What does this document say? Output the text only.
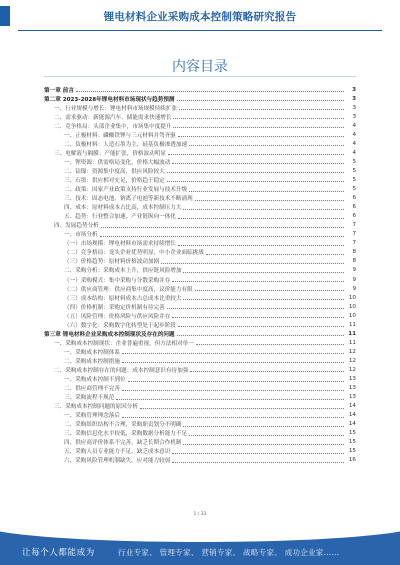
锂电材料企业采购成本控制策略研究报告
内容目录
第一章 前言	3
第二章 2023-2028年锂电材料市场现状与趋势预测	3
一、行业规模与增长：锂电材料市场规模持续扩张	3
二、需求驱动：新能源汽车、储能需求快速增长	3
二、竞争格局：头部企业集中，市场集中度提升	4
一、正极材料：磷酸铁锂与三元材料并驾齐驱	4
二、负极材料：人造石墨为主，硅基负极渗透加速	4
三、电解液与隔膜：产能扩张，价格波动明显	4
一、锂资源：供需格局变化，价格大幅波动	5
二、钴镍：资源集中度高，供应风险较大	5
三、石墨：供应相对充足，价格趋于稳定	5
二、政策：国家产业政策支持行业发展与技术升级	5
三、技术：固态电池、钠离子电池等新技术不断涌现	6
四、成本：原材料成本占比高，成本控制压力大	6
五、趋势：行业整合加速，产业链纵向一体化	6
四、发展趋势分析	7
一、市场分析	7
（一）市场规模：锂电材料市场需求持续增长	7
（二）竞争格局：龙头企业优势明显，中小企业面临挑战	8
（三）价格趋势：原材料价格波动加剧	8
二、采购分析：采购成本上升，供应链风险增加	9
（一）采购模式：集中采购与分散采购并存	9
（二）供应商管理：供应商集中度高，议价能力有限	9
（三）成本结构：原材料成本占总成本比重较大	10
（四）价格机制：采购定价机制有待完善	10
（五）风险管理：价格风险与供应风险并存	10
（六）数字化：采购数字化转型处于起步阶段	11
第三章 锂电材料企业采购成本控制现状及存在的问题	11
一、采购成本控制现状：企业普遍重视，但方法相对单一	11
一、采购成本控制体系	12
二、采购成本控制措施	12
二、采购成本控制存在的问题：成本控制意识有待加强	12
一、采购成本控制不到位	13
二、供应商管理不完善	13
三、采购流程不规范	13
三、采购成本控制问题的原因分析	14
一、采购管理理念落后	14
二、采购组织结构不合理，采购职责划分不明确	14
三、采购信息化水平较低，采购数据分析能力不足	15
四、供应商评价体系不完善，缺乏长期合作机制	15
五、采购人员专业能力不足，缺乏成本意识	15
六、采购风险管理机制缺失，应对能力较弱	16
1 / 33
让每个人都能成为	行业专家、 管理专家、 营销专家、 战略专家、 成功企业家……
